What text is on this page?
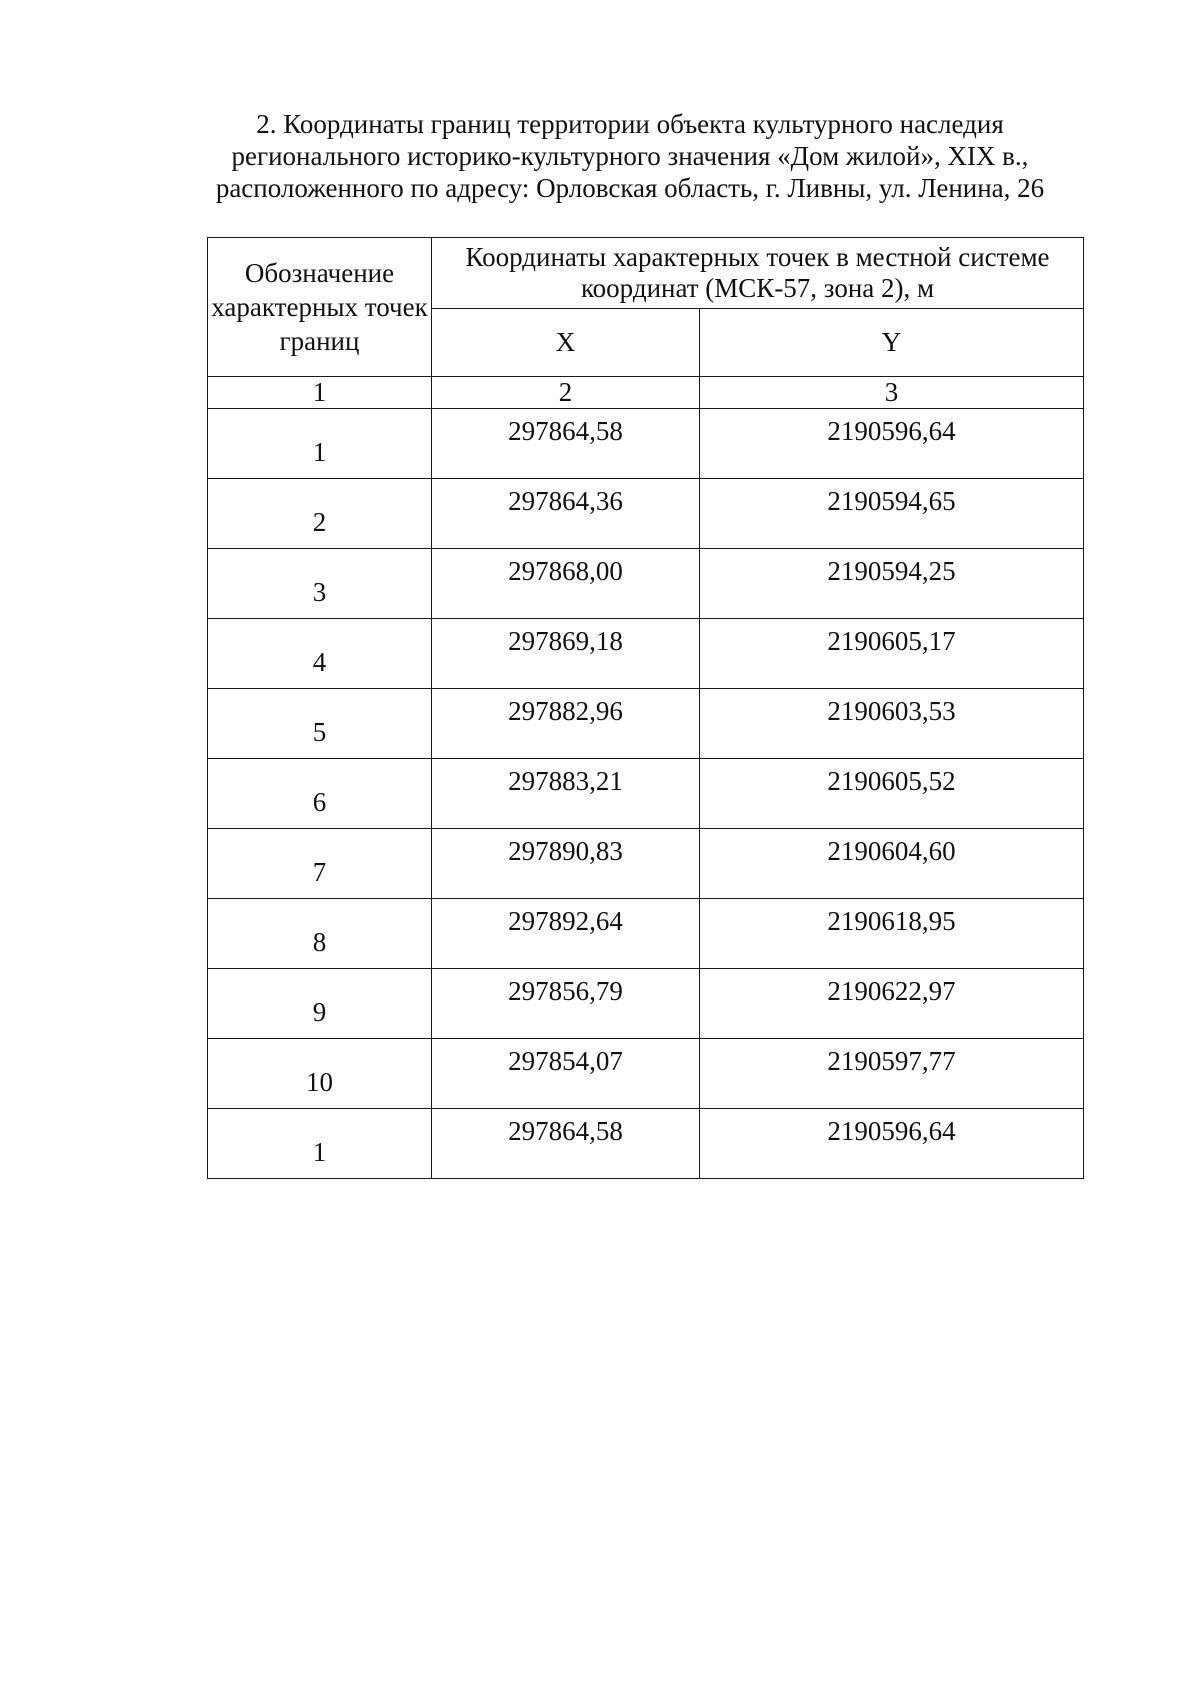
2. Координаты границ территории объекта культурного наследия
регионального историко-культурного значения «Дом жилой», XIX в.,
расположенного по адресу: Орловская область, г. Ливны, ул. Ленина, 26
Обозначение характерных точек границ	Координаты характерных точек в местной системе координат (МСК-57, зона 2), м	
	X	Y
1	2	3
1	297864,58	2190596,64
2	297864,36	2190594,65
3	297868,00	2190594,25
4	297869,18	2190605,17
5	297882,96	2190603,53
6	297883,21	2190605,52
7	297890,83	2190604,60
8	297892,64	2190618,95
9	297856,79	2190622,97
10	297854,07	2190597,77
1	297864,58	2190596,64
